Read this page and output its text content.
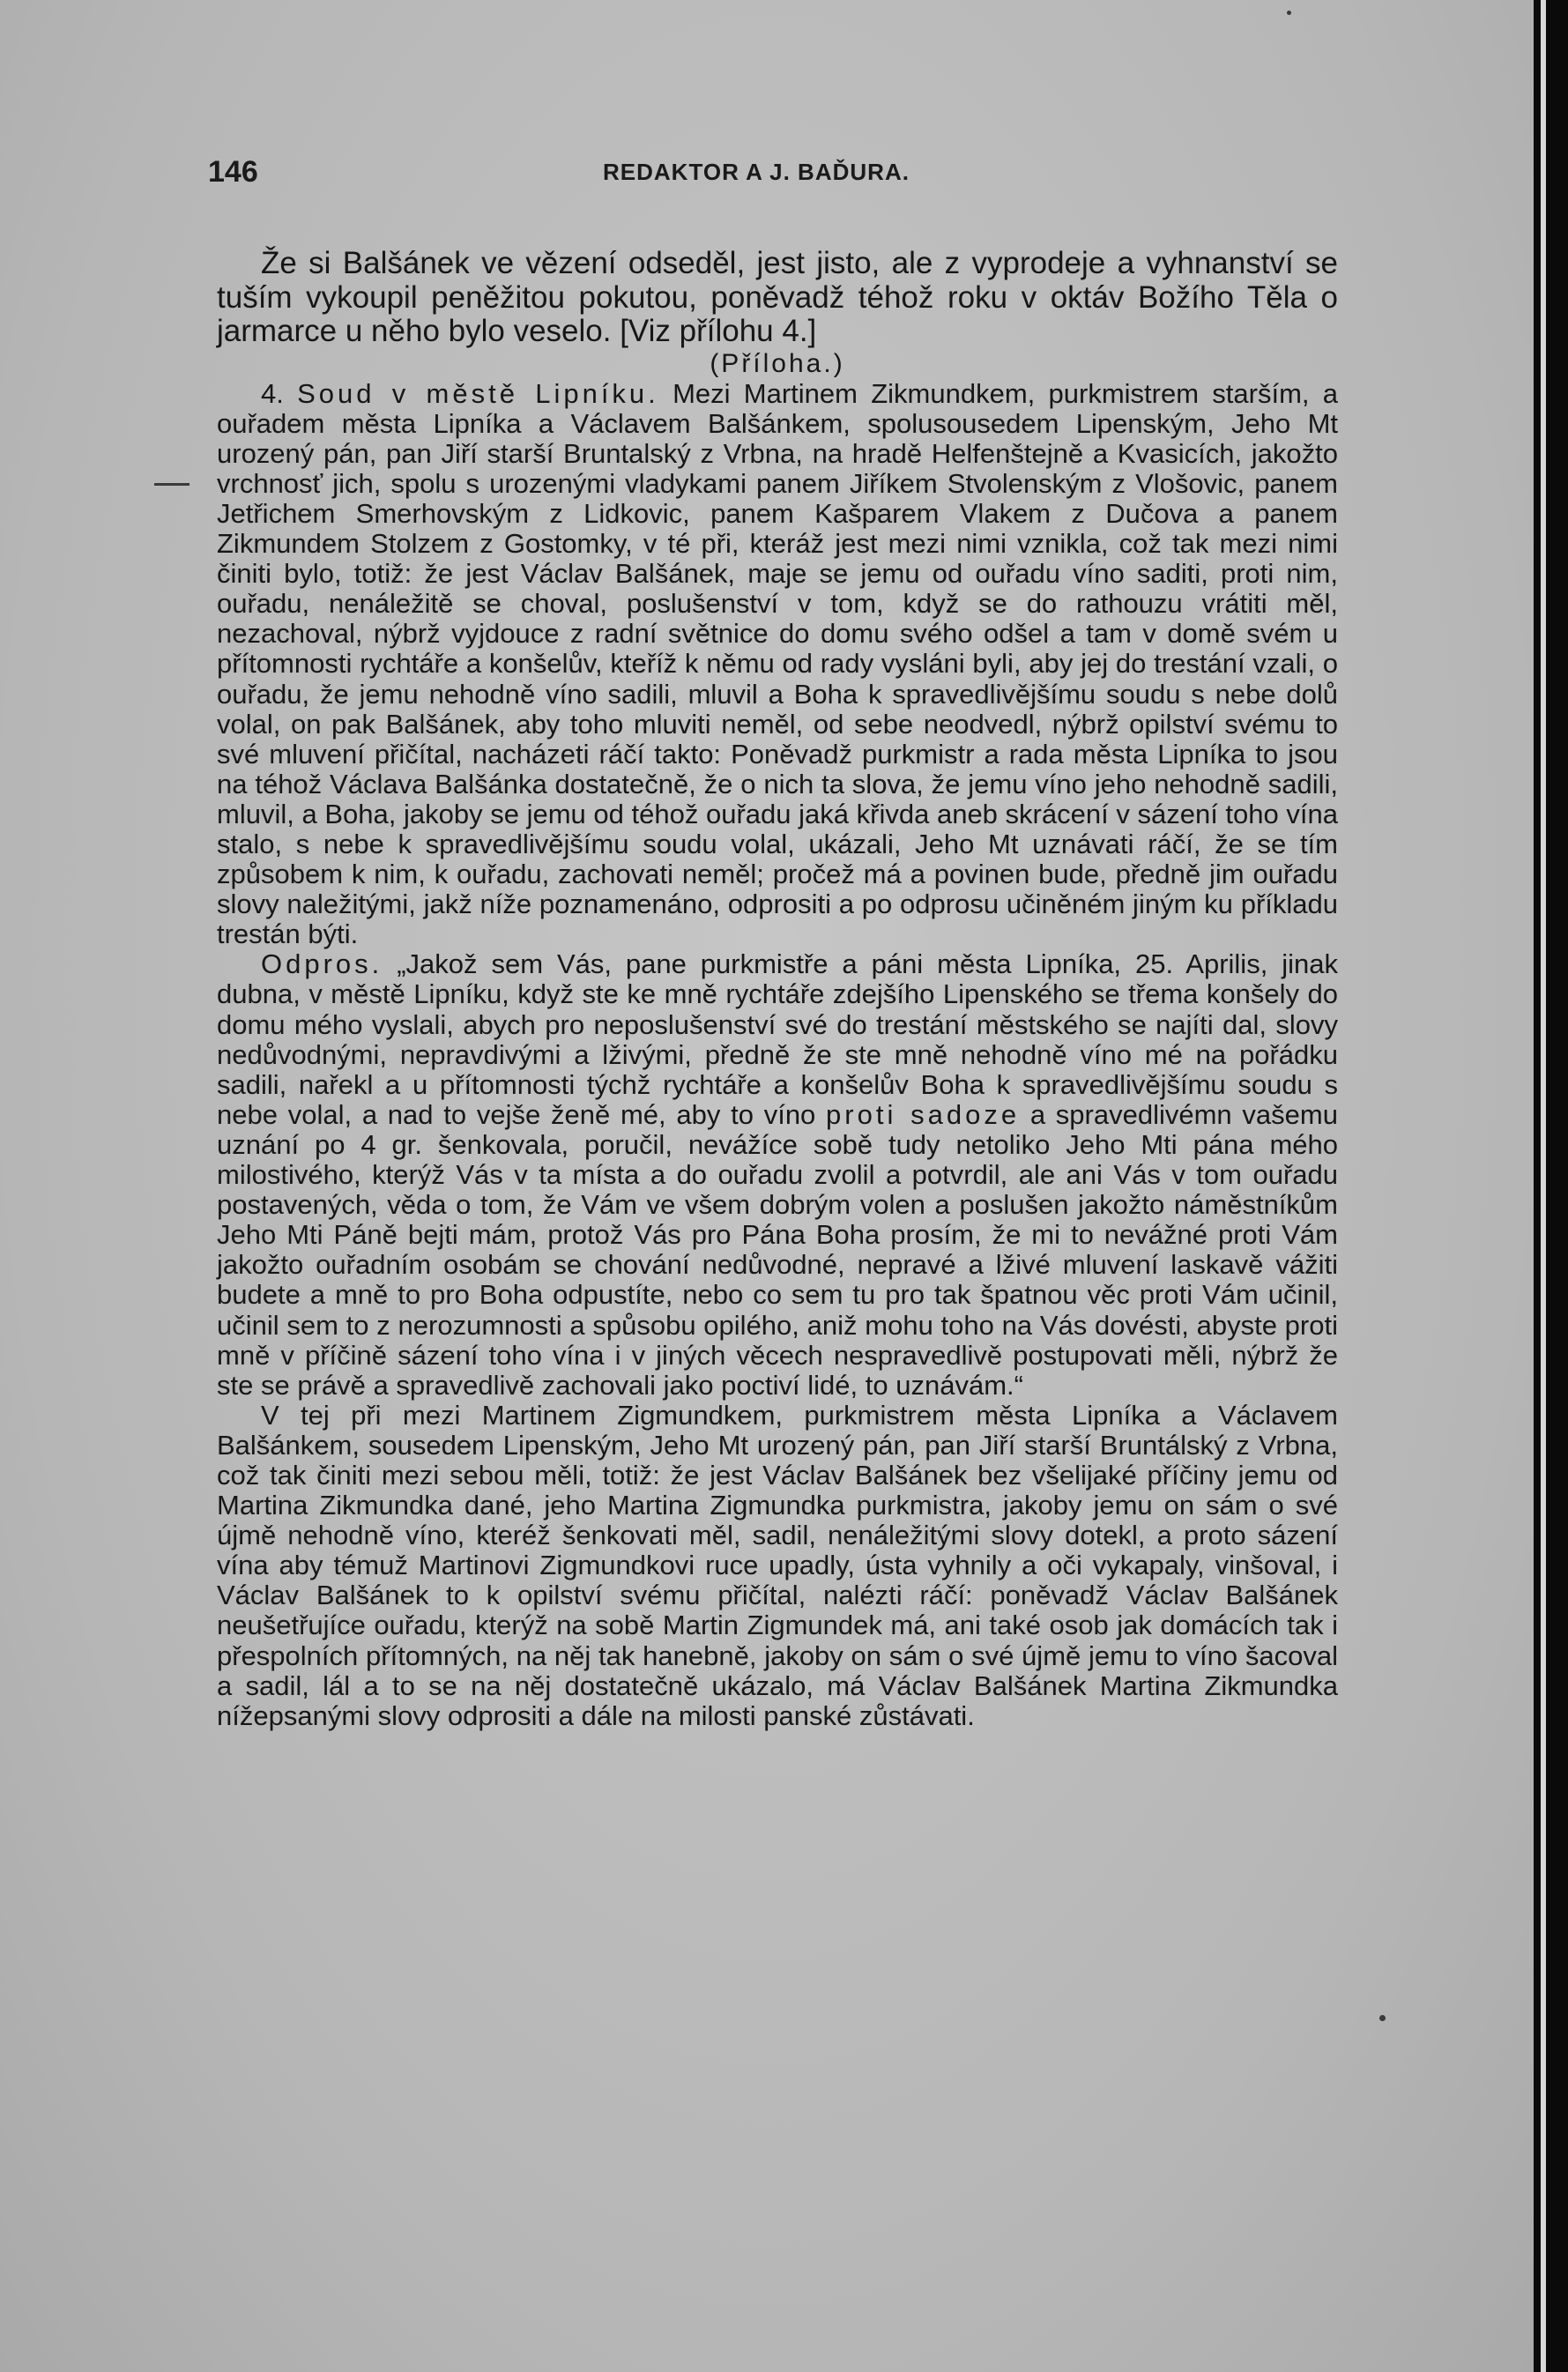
146	REDAKTOR A J. BAĎURA.

Že si Balšánek ve vězení odseděl, jest jisto, ale z vyprodeje a vyhnanství se tuším vykoupil peněžitou pokutou, poněvadž téhož roku v oktáv Božího Těla o jarmarce u něho bylo veselo. [Viz přílohu 4.]

(Příloha.)

4. Soud v městě Lipníku. Mezi Martinem Zikmundkem, purkmistrem starším, a ouřadem města Lipníka a Václavem Balšánkem, spolusousedem Lipenským, Jeho Mt urozený pán, pan Jiří starší Bruntalský z Vrbna, na hradě Helfenštejně a Kvasicích, jakožto vrchnosť jich, spolu s urozenými vladykami panem Jiříkem Stvolenským z Vlošovic, panem Jetřichem Smerhovským z Lidkovic, panem Kašparem Vlakem z Dučova a panem Zikmundem Stolzem z Gostomky, v té při, kteráž jest mezi nimi vznikla, což tak mezi nimi činiti bylo, totiž: že jest Václav Balšánek, maje se jemu od ouřadu víno saditi, proti nim, ouřadu, nenáležitě se choval, poslušenství v tom, když se do rathouzu vrátiti měl, nezachoval, nýbrž vyjdouce z radní světnice do domu svého odšel a tam v domě svém u přítomnosti rychtáře a konšelův, kteříž k němu od rady vysláni byli, aby jej do trestání vzali, o ouřadu, že jemu nehodně víno sadili, mluvil a Boha k spravedlivějšímu soudu s nebe dolů volal, on pak Balšánek, aby toho mluviti neměl, od sebe neodvedl, nýbrž opilství svému to své mluvení přičítal, nacházeti ráčí takto: Poněvadž purkmistr a rada města Lipníka to jsou na téhož Václava Balšánka dostatečně, že o nich ta slova, že jemu víno jeho nehodně sadili, mluvil, a Boha, jakoby se jemu od téhož ouřadu jaká křivda aneb skrácení v sázení toho vína stalo, s nebe k spravedlivějšímu soudu volal, ukázali, Jeho Mt uznávati ráčí, že se tím způsobem k nim, k ouřadu, zachovati neměl; pročež má a povinen bude, předně jim ouřadu slovy naležitými, jakž níže poznamenáno, odprositi a po odprosu učiněném jiným ku příkladu trestán býti.

Odpros. „Jakož sem Vás, pane purkmistře a páni města Lipníka, 25. Aprilis, jinak dubna, v městě Lipníku, když ste ke mně rychtáře zdejšího Lipenského se třema konšely do domu mého vyslali, abych pro neposlušenství své do trestání městského se najíti dal, slovy nedůvodnými, nepravdivými a lživými, předně že ste mně nehodně víno mé na pořádku sadili, nařekl a u přítomnosti týchž rychtáře a konšelův Boha k spravedlivějšímu soudu s nebe volal, a nad to vejše ženě mé, aby to víno proti sadoze a spravedlivémn vašemu uznání po 4 gr. šenkovala, poručil, nevážíce sobě tudy netoliko Jeho Mti pána mého milostivého, kterýž Vás v ta místa a do ouřadu zvolil a potvrdil, ale ani Vás v tom ouřadu postavených, věda o tom, že Vám ve všem dobrým volen a poslušen jakožto náměstníkům Jeho Mti Páně bejti mám, protož Vás pro Pána Boha prosím, že mi to nevážné proti Vám jakožto ouřadním osobám se chování nedůvodné, nepravé a lživé mluvení laskavě vážiti budete a mně to pro Boha odpustíte, nebo co sem tu pro tak špatnou věc proti Vám učinil, učinil sem to z nerozumnosti a spůsobu opilého, aniž mohu toho na Vás dovésti, abyste proti mně v příčině sázení toho vína i v jiných věcech nespravedlivě postupovati měli, nýbrž že ste se právě a spravedlivě zachovali jako poctiví lidé, to uznávám.“

V tej při mezi Martinem Zigmundkem, purkmistrem města Lipníka a Václavem Balšánkem, sousedem Lipenským, Jeho Mt urozený pán, pan Jiří starší Bruntálský z Vrbna, což tak činiti mezi sebou měli, totiž: že jest Václav Balšánek bez všelijaké příčiny jemu od Martina Zikmundka dané, jeho Martina Zigmundka purkmistra, jakoby jemu on sám o své újmě nehodně víno, kteréž šenkovati měl, sadil, nenáležitými slovy dotekl, a proto sázení vína aby témuž Martinovi Zigmundkovi ruce upadly, ústa vyhnily a oči vykapaly, vinšoval, i Václav Balšánek to k opilství svému přičítal, nalézti ráčí: poněvadž Václav Balšánek neušetřujíce ouřadu, kterýž na sobě Martin Zigmundek má, ani také osob jak domácích tak i přespolních přítomných, na něj tak hanebně, jakoby on sám o své újmě jemu to víno šacoval a sadil, lál a to se na něj dostatečně ukázalo, má Václav Balšánek Martina Zikmundka nížepsanými slovy odprositi a dále na milosti panské zůstávati.
